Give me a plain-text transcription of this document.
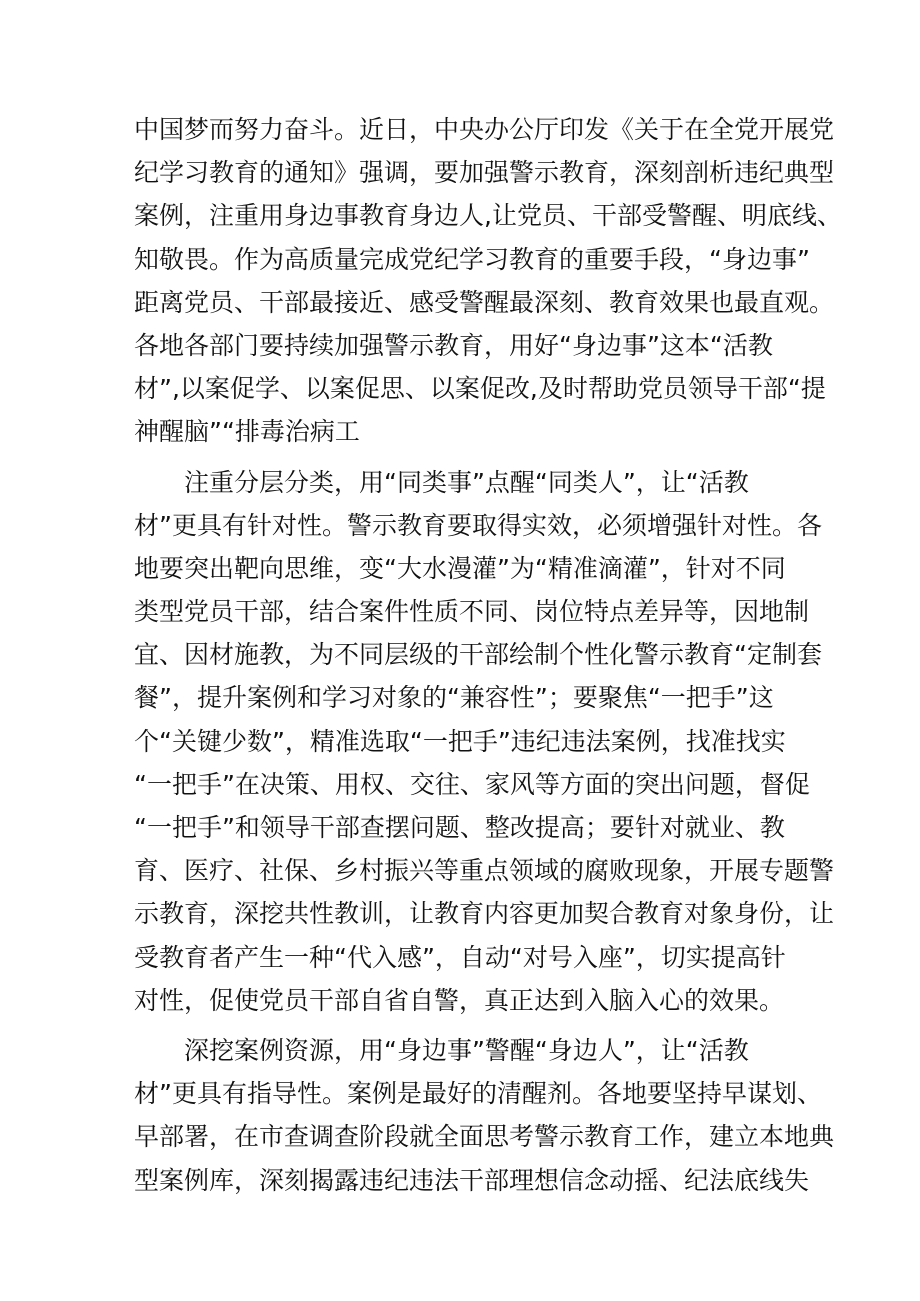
中国梦而努力奋斗。近日，中央办公厅印发《关于在全党开展党
纪学习教育的通知》强调，要加强警示教育，深刻剖析违纪典型
案例，注重用身边事教育身边人,让党员、干部受警醒、明底线、
知敬畏。作为高质量完成党纪学习教育的重要手段，“身边事”
距离党员、干部最接近、感受警醒最深刻、教育效果也最直观。
各地各部门要持续加强警示教育，用好“身边事”这本“活教
材”,以案促学、以案促思、以案促改,及时帮助党员领导干部“提
神醒脑”“排毒治病工
　　注重分层分类，用“同类事”点醒“同类人”，让“活教
材”更具有针对性。警示教育要取得实效，必须增强针对性。各
地要突出靶向思维，变“大水漫灌”为“精准滴灌”，针对不同
类型党员干部，结合案件性质不同、岗位特点差异等，因地制
宜、因材施教，为不同层级的干部绘制个性化警示教育“定制套
餐”，提升案例和学习对象的“兼容性”；要聚焦“一把手”这
个“关键少数”，精准选取“一把手”违纪违法案例，找准找实
“一把手”在决策、用权、交往、家风等方面的突出问题，督促
“一把手”和领导干部查摆问题、整改提高；要针对就业、教
育、医疗、社保、乡村振兴等重点领域的腐败现象，开展专题警
示教育，深挖共性教训，让教育内容更加契合教育对象身份，让
受教育者产生一种“代入感”，自动“对号入座”，切实提高针
对性，促使党员干部自省自警，真正达到入脑入心的效果。
　　深挖案例资源，用“身边事”警醒“身边人”，让“活教
材”更具有指导性。案例是最好的清醒剂。各地要坚持早谋划、
早部署，在市查调查阶段就全面思考警示教育工作，建立本地典
型案例库，深刻揭露违纪违法干部理想信念动摇、纪法底线失
